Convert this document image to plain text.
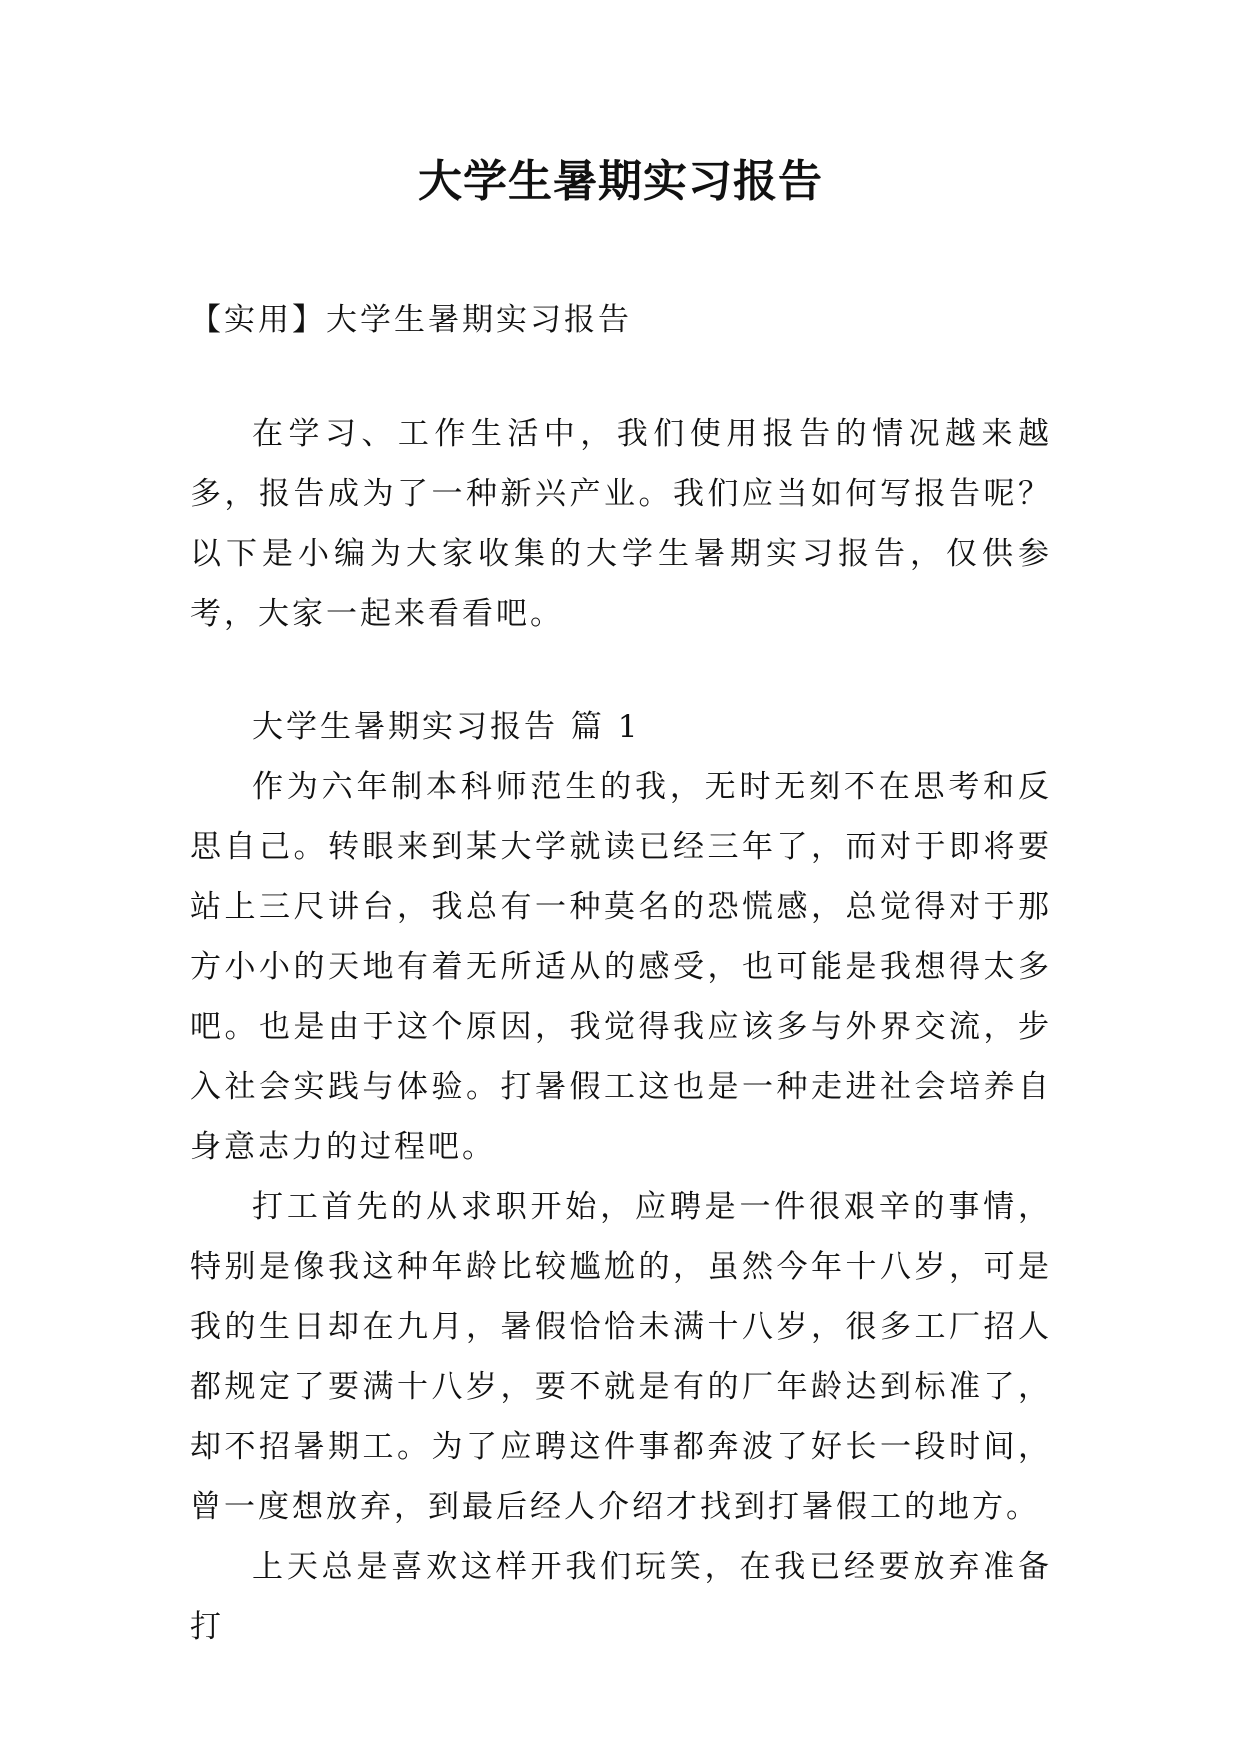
大学生暑期实习报告

【实用】大学生暑期实习报告

在学习、工作生活中，我们使用报告的情况越来越多，报告成为了一种新兴产业。我们应当如何写报告呢？以下是小编为大家收集的大学生暑期实习报告，仅供参考，大家一起来看看吧。

大学生暑期实习报告 篇 1

作为六年制本科师范生的我，无时无刻不在思考和反思自己。转眼来到某大学就读已经三年了，而对于即将要站上三尺讲台，我总有一种莫名的恐慌感，总觉得对于那方小小的天地有着无所适从的感受，也可能是我想得太多吧。也是由于这个原因，我觉得我应该多与外界交流，步入社会实践与体验。打暑假工这也是一种走进社会培养自身意志力的过程吧。

打工首先的从求职开始，应聘是一件很艰辛的事情，特别是像我这种年龄比较尴尬的，虽然今年十八岁，可是我的生日却在九月，暑假恰恰未满十八岁，很多工厂招人都规定了要满十八岁，要不就是有的厂年龄达到标准了，却不招暑期工。为了应聘这件事都奔波了好长一段时间，曾一度想放弃，到最后经人介绍才找到打暑假工的地方。

上天总是喜欢这样开我们玩笑，在我已经要放弃准备打
